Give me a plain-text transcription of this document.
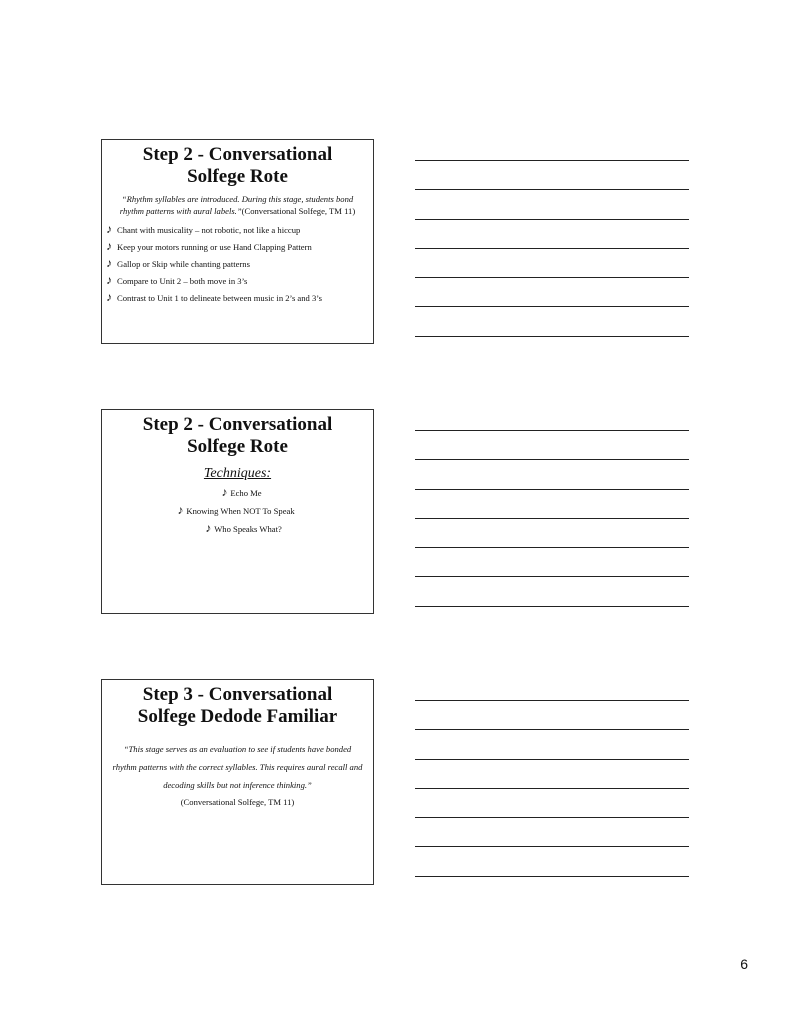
Step 2 - Conversational
Solfege Rote
“Rhythm syllables are introduced. During this stage, students bond rhythm patterns with aural labels.”(Conversational Solfege, TM 11)
♪ Chant with musicality – not robotic, not like a hiccup
♪ Keep your motors running or use Hand Clapping Pattern
♪ Gallop or Skip while chanting patterns
♪ Compare to Unit 2 – both move in 3’s
♪ Contrast to Unit 1 to delineate between music in 2’s and 3’s
Step 2 - Conversational
Solfege Rote
Techniques:
♪ Echo Me
♪ Knowing When NOT To Speak
♪ Who Speaks What?
Step 3 - Conversational
Solfege Dedode Familiar
“This stage serves as an evaluation to see if students have bonded rhythm patterns with the correct syllables. This requires aural recall and decoding skills but not inference thinking.”
(Conversational Solfege, TM 11)
6
